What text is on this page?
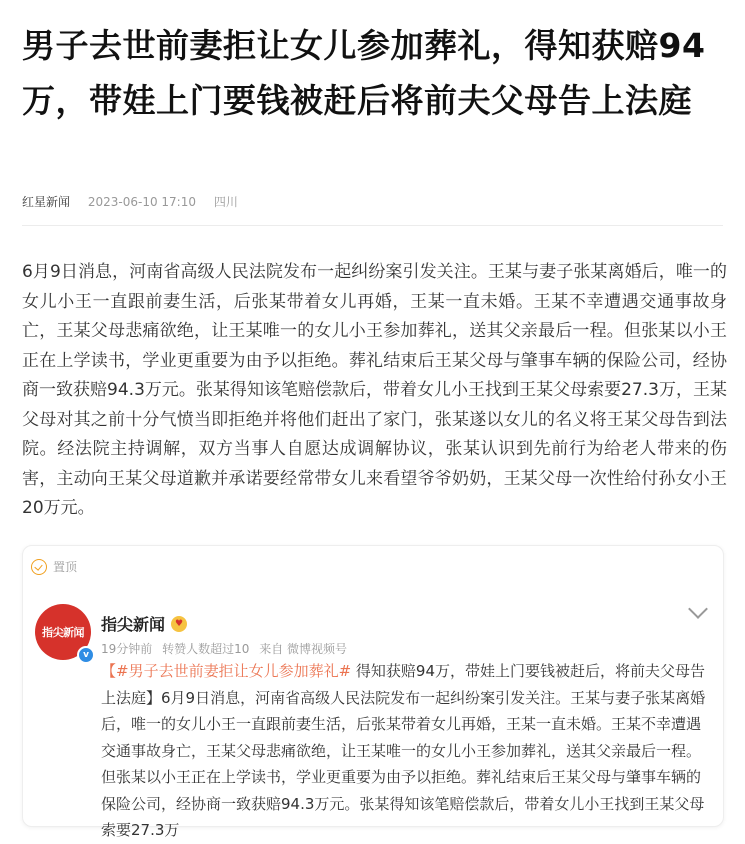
男子去世前妻拒让女儿参加葬礼，得知获赔94万，带娃上门要钱被赶后将前夫父母告上法庭
红星新闻 2023-06-10 17:10 四川
6月9日消息，河南省高级人民法院发布一起纠纷案引发关注。王某与妻子张某离婚后，唯一的女儿小王一直跟前妻生活，后张某带着女儿再婚，王某一直未婚。王某不幸遭遇交通事故身亡，王某父母悲痛欲绝，让王某唯一的女儿小王参加葬礼，送其父亲最后一程。但张某以小王正在上学读书，学业更重要为由予以拒绝。葬礼结束后王某父母与肇事车辆的保险公司，经协商一致获赔94.3万元。张某得知该笔赔偿款后，带着女儿小王找到王某父母索要27.3万，王某父母对其之前十分气愤当即拒绝并将他们赶出了家门，张某遂以女儿的名义将王某父母告到法院。经法院主持调解，双方当事人自愿达成调解协议，张某认识到先前行为给老人带来的伤害，主动向王某父母道歉并承诺要经常带女儿来看望爷爷奶奶，王某父母一次性给付孙女小王20万元。
置顶
指尖新闻
v
指尖新闻	♥
19分钟前 转赞人数超过10 来自 微博视频号
【#男子去世前妻拒让女儿参加葬礼# 得知获赔94万，带娃上门要钱被赶后，将前夫父母告上法庭】6月9日消息，河南省高级人民法院发布一起纠纷案引发关注。王某与妻子张某离婚后，唯一的女儿小王一直跟前妻生活，后张某带着女儿再婚，王某一直未婚。王某不幸遭遇交通事故身亡，王某父母悲痛欲绝，让王某唯一的女儿小王参加葬礼，送其父亲最后一程。但张某以小王正在上学读书，学业更重要为由予以拒绝。葬礼结束后王某父母与肇事车辆的保险公司，经协商一致获赔94.3万元。张某得知该笔赔偿款后，带着女儿小王找到王某父母索要27.3万
